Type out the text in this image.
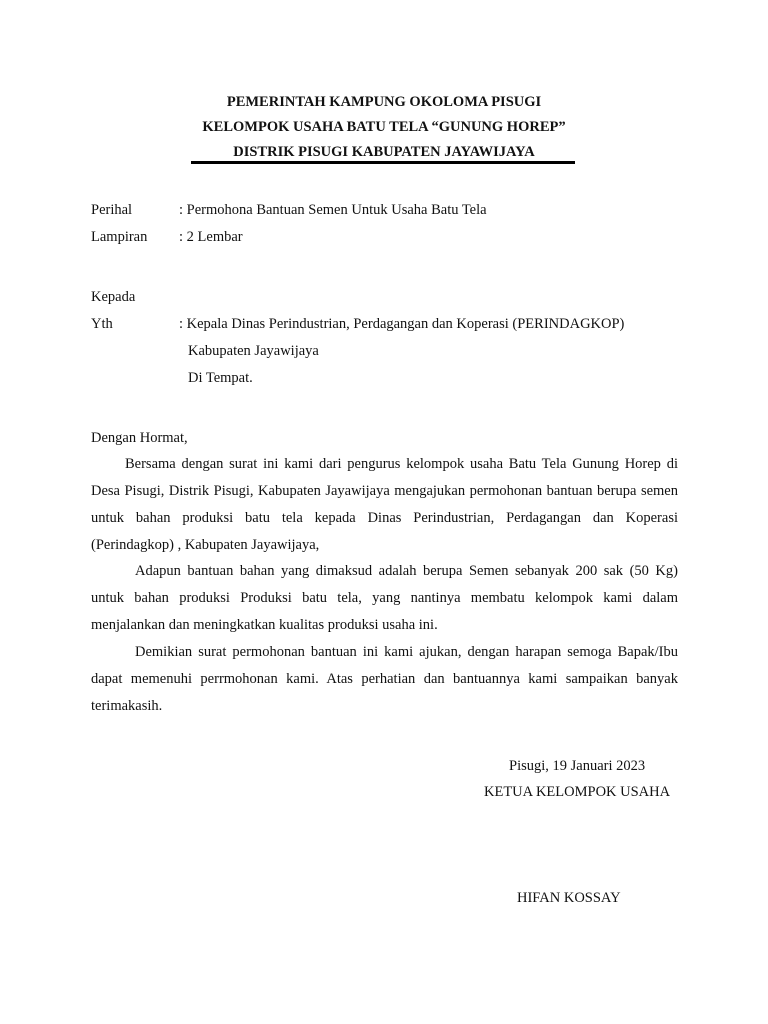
PEMERINTAH KAMPUNG OKOLOMA PISUGI
KELOMPOK USAHA BATU TELA “GUNUNG HOREP”
DISTRIK PISUGI KABUPATEN JAYAWIJAYA
Perihal	: Permohona Bantuan Semen Untuk Usaha Batu Tela
Lampiran : 2 Lembar
Kepada
Yth	: Kepala Dinas Perindustrian, Perdagangan dan Koperasi (PERINDAGKOP)
Kabupaten Jayawijaya
Di Tempat.
Dengan Hormat,
Bersama dengan surat ini kami dari pengurus kelompok usaha Batu Tela Gunung Horep di Desa Pisugi, Distrik Pisugi, Kabupaten Jayawijaya mengajukan permohonan bantuan berupa semen untuk bahan produksi batu tela kepada Dinas Perindustrian, Perdagangan dan Koperasi (Perindagkop) , Kabupaten Jayawijaya,
Adapun bantuan bahan yang dimaksud adalah berupa Semen sebanyak 200 sak (50 Kg) untuk bahan produksi Produksi batu tela, yang nantinya membatu kelompok kami dalam menjalankan dan meningkatkan kualitas produksi usaha ini.
Demikian surat permohonan bantuan ini kami ajukan, dengan harapan semoga Bapak/Ibu dapat memenuhi perrmohonan kami. Atas perhatian dan bantuannya kami sampaikan banyak terimakasih.
Pisugi, 19 Januari 2023
KETUA KELOMPOK USAHA
HIFAN KOSSAY
